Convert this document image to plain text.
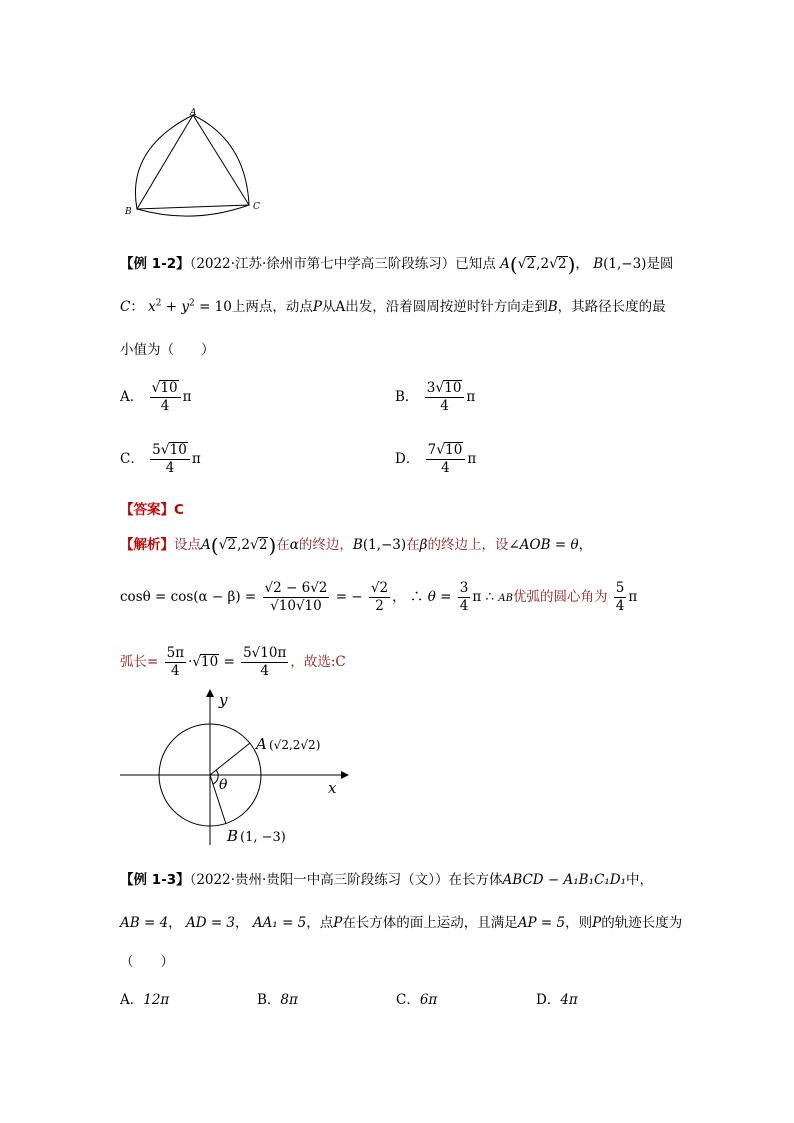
A
B	C
【例 1-2】（2022·江苏·徐州市第七中学高三阶段练习）已知点 A(√2,2√2)， B(1,−3)是圆
C： $x^2 + y^2 = 10$上两点，动点P从A出发，沿着圆周按逆时针方向走到B，其路径长度的最
小值为（　　）
A． $\frac{√10}{4}$ π	B． $\frac{3√10}{4}$ π
C． $\frac{5√10}{4}$ π	D． $\frac{7√10}{4}$ π
【答案】C
【解析】设点A(√2,2√2)在α的终边，B(1,−3)在β的终边上，设∠AOB = θ，
$\cos\theta = \cos(\alpha - \beta) = \frac{√2 - 6√2}{√10√10}$ = − $\frac{√2}{2}$ ， ∴ $\theta = \frac{3}{4}$ π ∴ AB优弧的圆心角为 $\frac{5}{4}$ π
弧长= $\frac{5\pi}{4} \cdot√10 = \frac{5√10\pi}{4}$ ，故选:C
y
x
θ
A (√2,2√2)
B (1, −3)
【例 1-3】（2022·贵州·贵阳一中高三阶段练习（文））在长方体ABCD − A₁B₁C₁D₁中，
AB = 4， AD = 3， AA₁ = 5，点P在长方体的面上运动，且满足AP = 5，则P的轨迹长度为
（　　）
A．12π	B．8π	C．6π	D．4π
